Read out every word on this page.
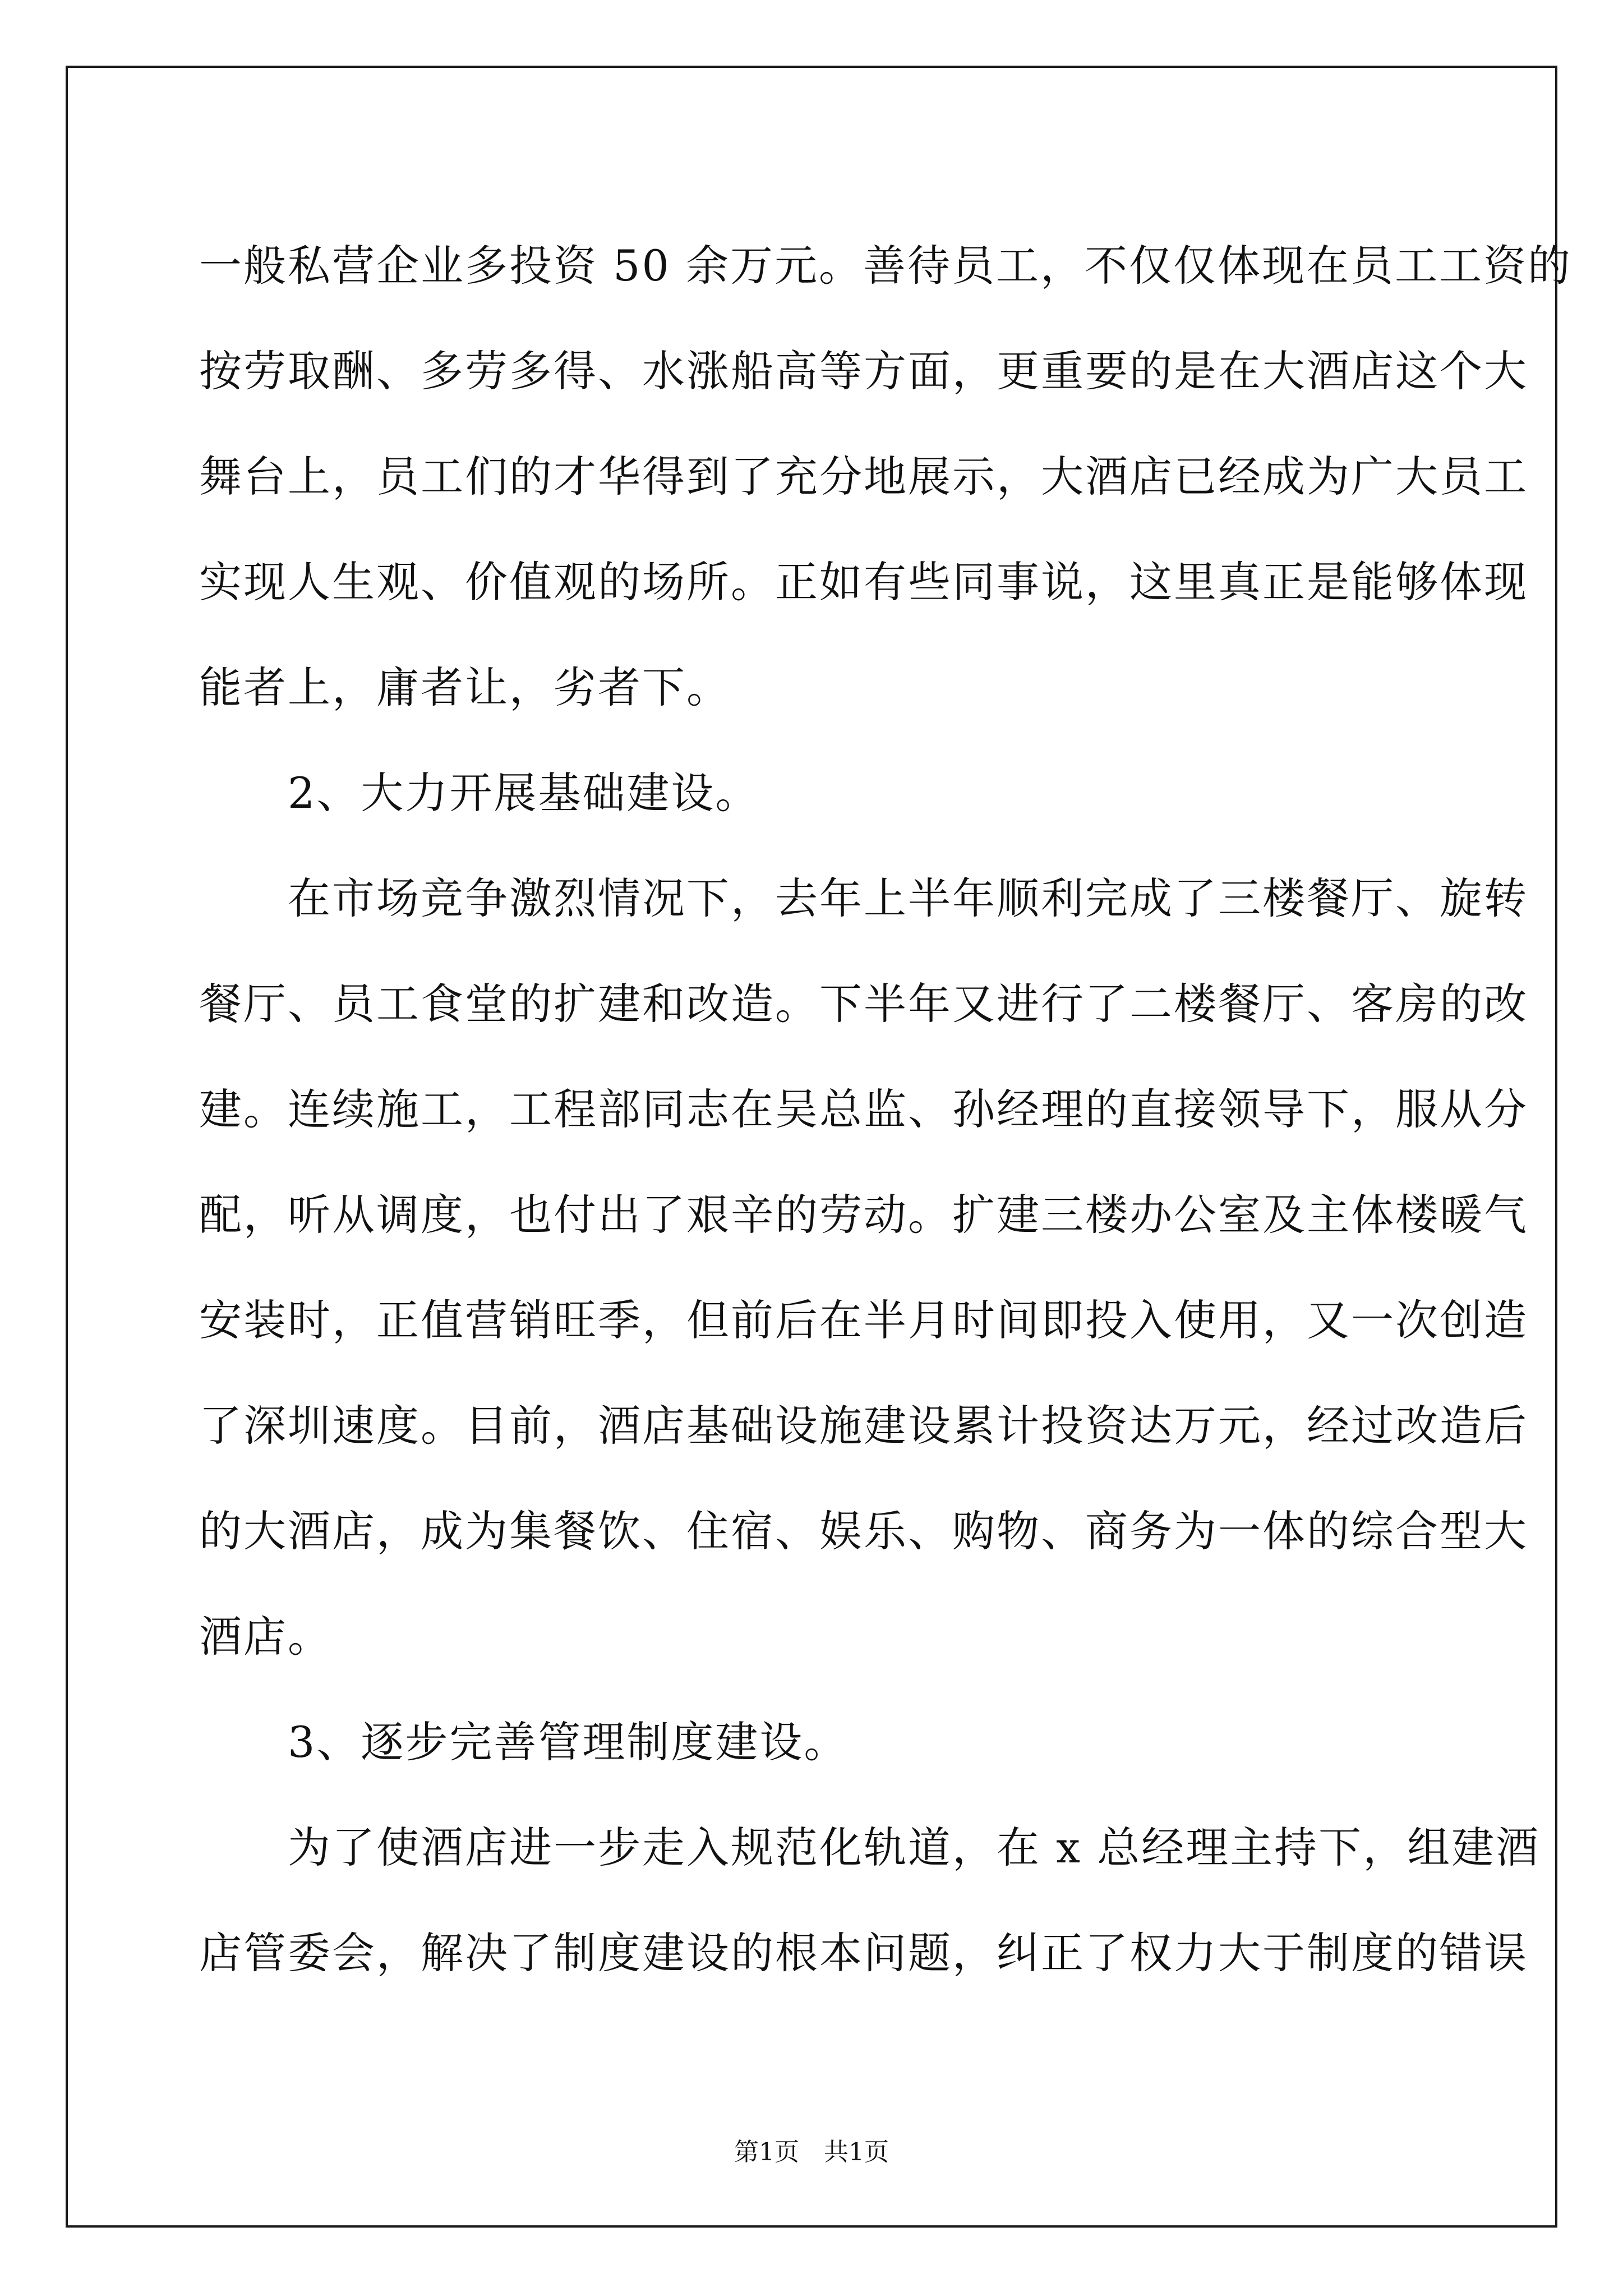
一般私营企业多投资 50 余万元。善待员工，不仅仅体现在员工工资的
按劳取酬、多劳多得、水涨船高等方面，更重要的是在大酒店这个大
舞台上，员工们的才华得到了充分地展示，大酒店已经成为广大员工
实现人生观、价值观的场所。正如有些同事说，这里真正是能够体现
能者上，庸者让，劣者下。
　　2、大力开展基础建设。
　　在市场竞争激烈情况下，去年上半年顺利完成了三楼餐厅、旋转
餐厅、员工食堂的扩建和改造。下半年又进行了二楼餐厅、客房的改
建。连续施工，工程部同志在吴总监、孙经理的直接领导下，服从分
配，听从调度，也付出了艰辛的劳动。扩建三楼办公室及主体楼暖气
安装时，正值营销旺季，但前后在半月时间即投入使用，又一次创造
了深圳速度。目前，酒店基础设施建设累计投资达万元，经过改造后
的大酒店，成为集餐饮、住宿、娱乐、购物、商务为一体的综合型大
酒店。
　　3、逐步完善管理制度建设。
　　为了使酒店进一步走入规范化轨道，在 x 总经理主持下，组建酒
店管委会，解决了制度建设的根本问题，纠正了权力大于制度的错误
第1页　共1页
